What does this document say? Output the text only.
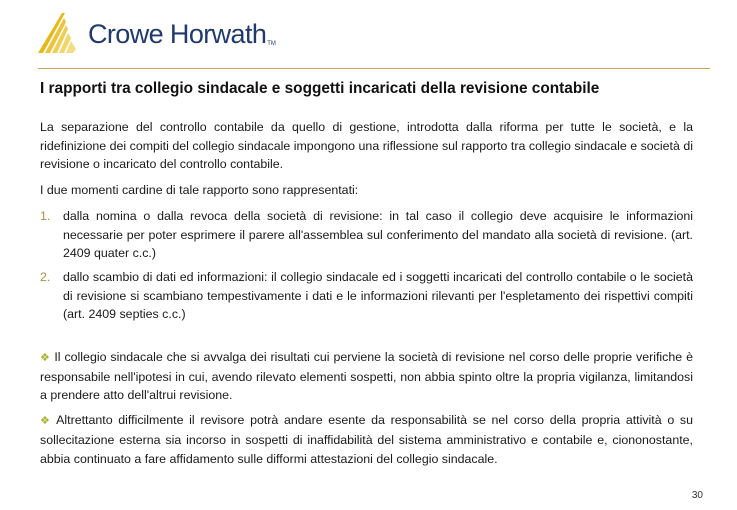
Crowe Horwath™
I rapporti tra collegio sindacale e soggetti incaricati della revisione contabile

La separazione del controllo contabile da quello di gestione, introdotta dalla riforma per tutte le società, e la ridefinizione dei compiti del collegio sindacale impongono una riflessione sul rapporto tra collegio sindacale e società di revisione o incaricato del controllo contabile.

I due momenti cardine di tale rapporto sono rappresentati:

1.	dalla nomina o dalla revoca della società di revisione: in tal caso il collegio deve acquisire le informazioni necessarie per poter esprimere il parere all'assemblea sul conferimento del mandato alla società di revisione. (art. 2409 quater c.c.)
2.	dallo scambio di dati ed informazioni: il collegio sindacale ed i soggetti incaricati del controllo contabile o le società di revisione si scambiano tempestivamente i dati e le informazioni rilevanti per l'espletamento dei rispettivi compiti (art. 2409 septies c.c.)

❖ Il collegio sindacale che si avvalga dei risultati cui perviene la società di revisione nel corso delle proprie verifiche è responsabile nell'ipotesi in cui, avendo rilevato elementi sospetti, non abbia spinto oltre la propria vigilanza, limitandosi a prendere atto dell'altrui revisione.

❖ Altrettanto difficilmente il revisore potrà andare esente da responsabilità se nel corso della propria attività o su sollecitazione esterna sia incorso in sospetti di inaffidabilità del sistema amministrativo e contabile e, ciononostante, abbia continuato a fare affidamento sulle difformi attestazioni del collegio sindacale.

30
